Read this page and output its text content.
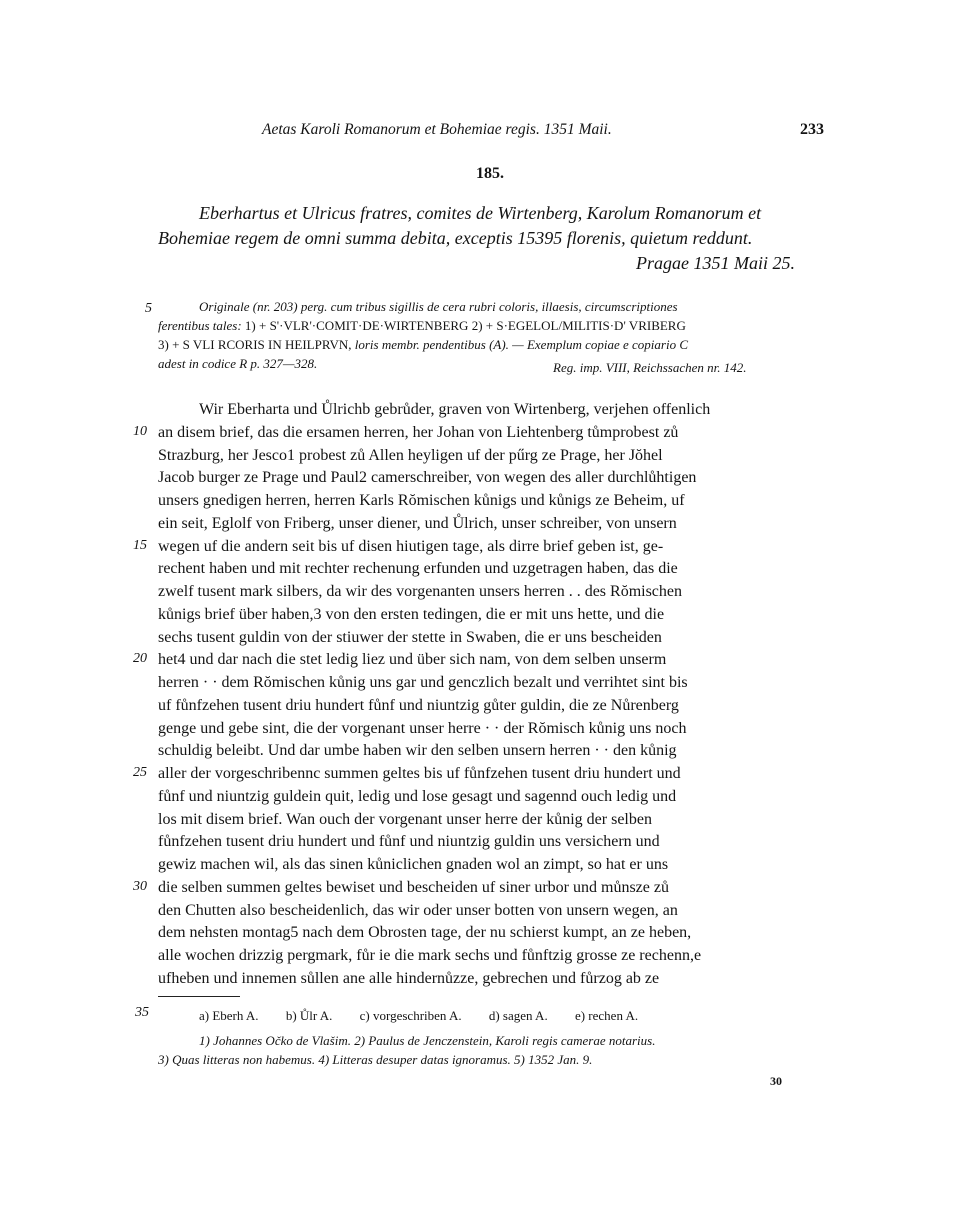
Aetas Karoli Romanorum et Bohemiae regis. 1351 Maii.	233
185.
Eberhartus et Ulricus fratres, comites de Wirtenberg, Karolum Romanorum et
Bohemiae regem de omni summa debita, exceptis 15395 florenis, quietum reddunt.
Pragae 1351 Maii 25.
5	Originale (nr. 203) perg. cum tribus sigillis de cera rubri coloris, illaesis, circumscriptiones
ferentibus tales: 1) + S'·VLR'·COMIT·DE·WIRTENBERG 2) + S·EGELOL/MILITIS·D' VRIBERG
3) + S VLI RCORIS IN HEILPRVN, loris membr. pendentibus (A). — Exemplum copiae e copiario C
adest in codice R p. 327—328.	Reg. imp. VIII, Reichssachen nr. 142.
Wir Eberharta und Ůlrichb gebrůder, graven von Wirtenberg, verjehen offenlich
10 an disem brief, das die ersamen herren, her Johan von Liehtenberg tůmprobest zů
Strazburg, her Jesco1 probest zů Allen heyligen uf der pűrg ze Prage, her Jŏhel
Jacob burger ze Prage und Paul2 camerschreiber, von wegen des aller durchlůhtigen
unsers gnedigen herren, herren Karls Rŏmischen kůnigs und kůnigs ze Beheim, uf
ein seit, Eglolf von Friberg, unser diener, und Ůlrich, unser schreiber, von unsern
15 wegen uf die andern seit bis uf disen hiutigen tage, als dirre brief geben ist, ge-
rechent haben und mit rechter rechenung erfunden und uzgetragen haben, das die
zwelf tusent mark silbers, da wir des vorgenanten unsers herren . . des Rŏmischen
kůnigs brief über haben,3 von den ersten tedingen, die er mit uns hette, und die
sechs tusent guldin von der stiuwer der stette in Swaben, die er uns bescheiden
20 het4 und dar nach die stet ledig liez und über sich nam, von dem selben unserm
herren · · dem Rŏmischen kůnig uns gar und genczlich bezalt und verrihtet sint bis
uf fůnfzehen tusent driu hundert fůnf und niuntzig gůter guldin, die ze Nůrenberg
genge und gebe sint, die der vorgenant unser herre · · der Rŏmisch kůnig uns noch
schuldig beleibt. Und dar umbe haben wir den selben unsern herren · · den kůnig
25 aller der vorgeschribennc summen geltes bis uf fůnfzehen tusent driu hundert und
fůnf und niuntzig guldein quit, ledig und lose gesagt und sagennd ouch ledig und
los mit disem brief. Wan ouch der vorgenant unser herre der kůnig der selben
fůnfzehen tusent driu hundert und fůnf und niuntzig guldin uns versichern und
gewiz machen wil, als das sinen kůniclichen gnaden wol an zimpt, so hat er uns
30 die selben summen geltes bewiset und bescheiden uf siner urbor und můnsze zů
den Chutten also bescheidenlich, das wir oder unser botten von unsern wegen, an
dem nehsten montag5 nach dem Obrosten tage, der nu schierst kumpt, an ze heben,
alle wochen drizzig pergmark, fůr ie die mark sechs und fůnftzig grosse ze rechenn,e
ufheben und innemen sůllen ane alle hindernůzze, gebrechen und fůrzog ab ze
35	a) Eberh A. b) Ůlr A. c) vorgeschriben A. d) sagen A. e) rechen A.
1) Johannes Očko de Vlašim. 2) Paulus de Jenczenstein, Karoli regis camerae notarius.
3) Quas litteras non habemus. 4) Litteras desuper datas ignoramus. 5) 1352 Jan. 9.
30
